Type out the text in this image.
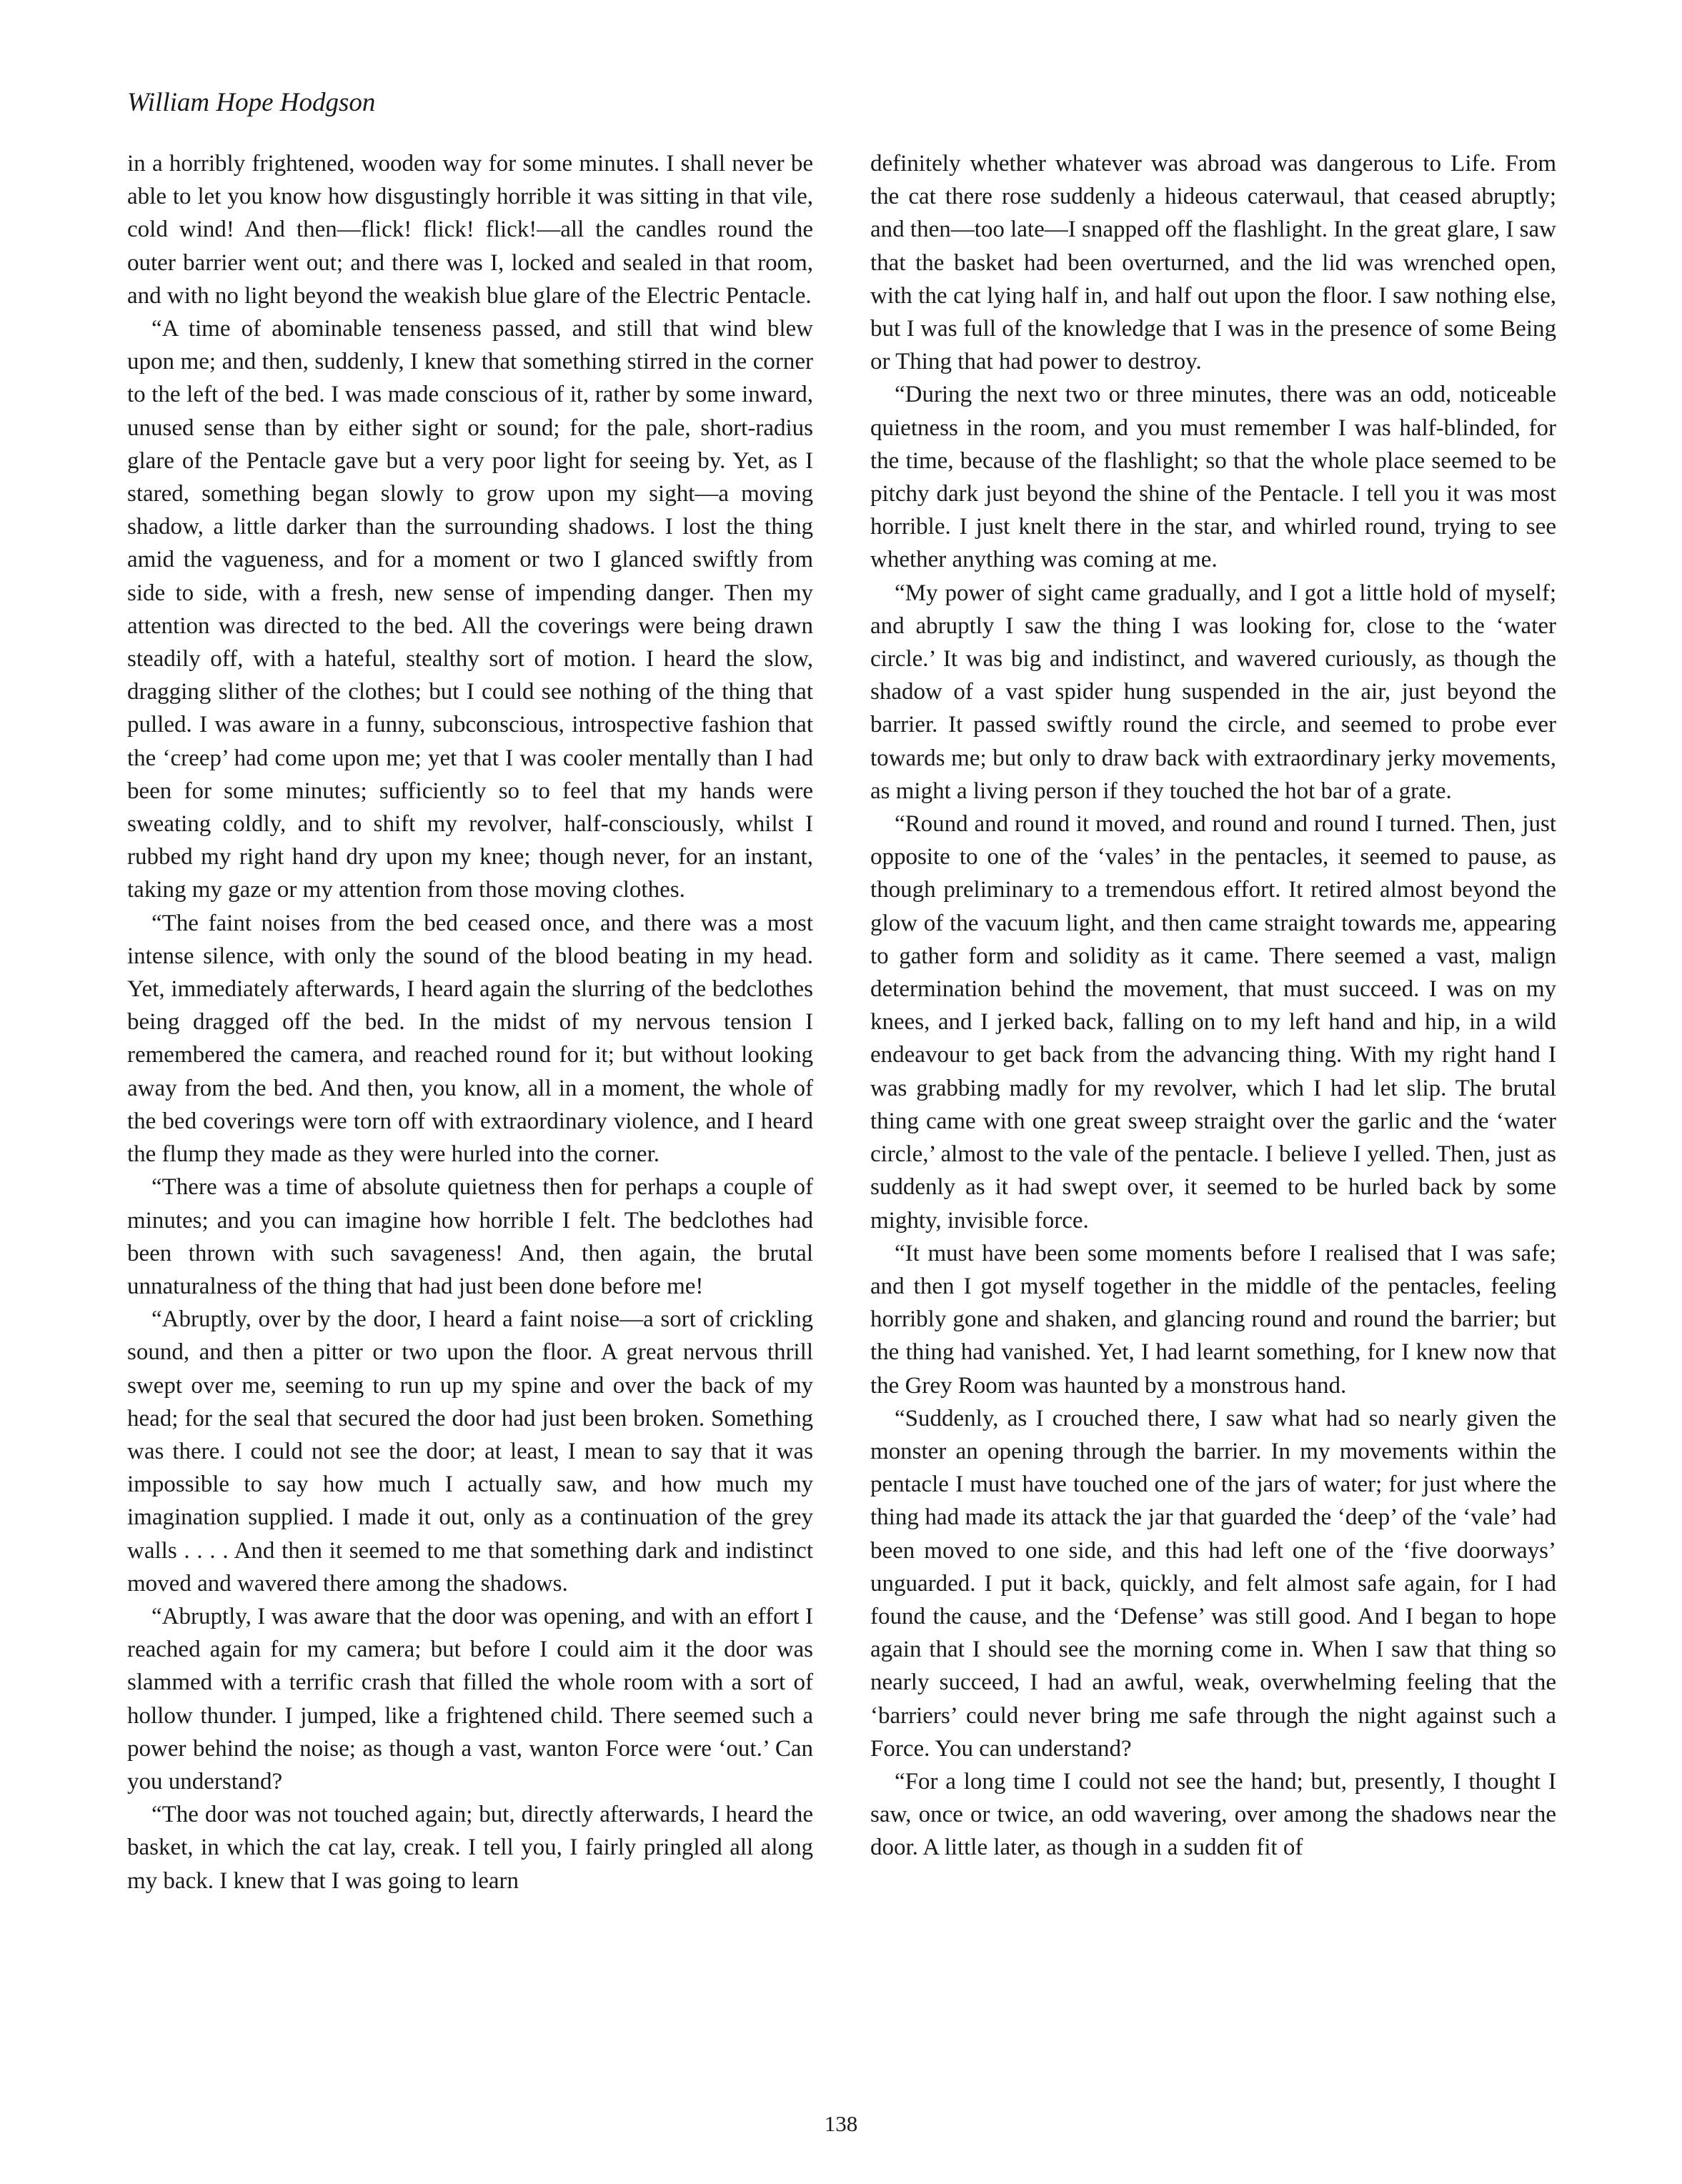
William Hope Hodgson

in a horribly frightened, wooden way for some minutes. I shall never be able to let you know how disgustingly horrible it was sitting in that vile, cold wind! And then—flick! flick! flick!—all the candles round the outer barrier went out; and there was I, locked and sealed in that room, and with no light beyond the weakish blue glare of the Electric Pentacle.

“A time of abominable tenseness passed, and still that wind blew upon me; and then, suddenly, I knew that something stirred in the corner to the left of the bed. I was made conscious of it, rather by some inward, unused sense than by either sight or sound; for the pale, short-radius glare of the Pentacle gave but a very poor light for seeing by. Yet, as I stared, something began slowly to grow upon my sight—a moving shadow, a little darker than the surrounding shadows. I lost the thing amid the vagueness, and for a moment or two I glanced swiftly from side to side, with a fresh, new sense of impending danger. Then my attention was directed to the bed. All the coverings were being drawn steadily off, with a hateful, stealthy sort of motion. I heard the slow, dragging slither of the clothes; but I could see nothing of the thing that pulled. I was aware in a funny, subconscious, introspective fashion that the ‘creep’ had come upon me; yet that I was cooler mentally than I had been for some minutes; sufficiently so to feel that my hands were sweating coldly, and to shift my revolver, half-consciously, whilst I rubbed my right hand dry upon my knee; though never, for an instant, taking my gaze or my attention from those moving clothes.

“The faint noises from the bed ceased once, and there was a most intense silence, with only the sound of the blood beating in my head. Yet, immediately afterwards, I heard again the slurring of the bedclothes being dragged off the bed. In the midst of my nervous tension I remembered the camera, and reached round for it; but without looking away from the bed. And then, you know, all in a moment, the whole of the bed coverings were torn off with extraordinary violence, and I heard the flump they made as they were hurled into the corner.

“There was a time of absolute quietness then for perhaps a couple of minutes; and you can imagine how horrible I felt. The bedclothes had been thrown with such savageness! And, then again, the brutal unnaturalness of the thing that had just been done before me!

“Abruptly, over by the door, I heard a faint noise—a sort of crickling sound, and then a pitter or two upon the floor. A great nervous thrill swept over me, seeming to run up my spine and over the back of my head; for the seal that secured the door had just been broken. Something was there. I could not see the door; at least, I mean to say that it was impossible to say how much I actually saw, and how much my imagination supplied. I made it out, only as a continuation of the grey walls . . . . And then it seemed to me that something dark and indistinct moved and wavered there among the shadows.

“Abruptly, I was aware that the door was opening, and with an effort I reached again for my camera; but before I could aim it the door was slammed with a terrific crash that filled the whole room with a sort of hollow thunder. I jumped, like a frightened child. There seemed such a power behind the noise; as though a vast, wanton Force were ‘out.’ Can you understand?

“The door was not touched again; but, directly afterwards, I heard the basket, in which the cat lay, creak. I tell you, I fairly pringled all along my back. I knew that I was going to learn

definitely whether whatever was abroad was dangerous to Life. From the cat there rose suddenly a hideous caterwaul, that ceased abruptly; and then—too late—I snapped off the flashlight. In the great glare, I saw that the basket had been overturned, and the lid was wrenched open, with the cat lying half in, and half out upon the floor. I saw nothing else, but I was full of the knowledge that I was in the presence of some Being or Thing that had power to destroy.

“During the next two or three minutes, there was an odd, noticeable quietness in the room, and you must remember I was half-blinded, for the time, because of the flashlight; so that the whole place seemed to be pitchy dark just beyond the shine of the Pentacle. I tell you it was most horrible. I just knelt there in the star, and whirled round, trying to see whether anything was coming at me.

“My power of sight came gradually, and I got a little hold of myself; and abruptly I saw the thing I was looking for, close to the ‘water circle.’ It was big and indistinct, and wavered curiously, as though the shadow of a vast spider hung suspended in the air, just beyond the barrier. It passed swiftly round the circle, and seemed to probe ever towards me; but only to draw back with extraordinary jerky movements, as might a living person if they touched the hot bar of a grate.

“Round and round it moved, and round and round I turned. Then, just opposite to one of the ‘vales’ in the pentacles, it seemed to pause, as though preliminary to a tremendous effort. It retired almost beyond the glow of the vacuum light, and then came straight towards me, appearing to gather form and solidity as it came. There seemed a vast, malign determination behind the movement, that must succeed. I was on my knees, and I jerked back, falling on to my left hand and hip, in a wild endeavour to get back from the advancing thing. With my right hand I was grabbing madly for my revolver, which I had let slip. The brutal thing came with one great sweep straight over the garlic and the ‘water circle,’ almost to the vale of the pentacle. I believe I yelled. Then, just as suddenly as it had swept over, it seemed to be hurled back by some mighty, invisible force.

“It must have been some moments before I realised that I was safe; and then I got myself together in the middle of the pentacles, feeling horribly gone and shaken, and glancing round and round the barrier; but the thing had vanished. Yet, I had learnt something, for I knew now that the Grey Room was haunted by a monstrous hand.

“Suddenly, as I crouched there, I saw what had so nearly given the monster an opening through the barrier. In my movements within the pentacle I must have touched one of the jars of water; for just where the thing had made its attack the jar that guarded the ‘deep’ of the ‘vale’ had been moved to one side, and this had left one of the ‘five doorways’ unguarded. I put it back, quickly, and felt almost safe again, for I had found the cause, and the ‘Defense’ was still good. And I began to hope again that I should see the morning come in. When I saw that thing so nearly succeed, I had an awful, weak, overwhelming feeling that the ‘barriers’ could never bring me safe through the night against such a Force. You can understand?

“For a long time I could not see the hand; but, presently, I thought I saw, once or twice, an odd wavering, over among the shadows near the door. A little later, as though in a sudden fit of

138
